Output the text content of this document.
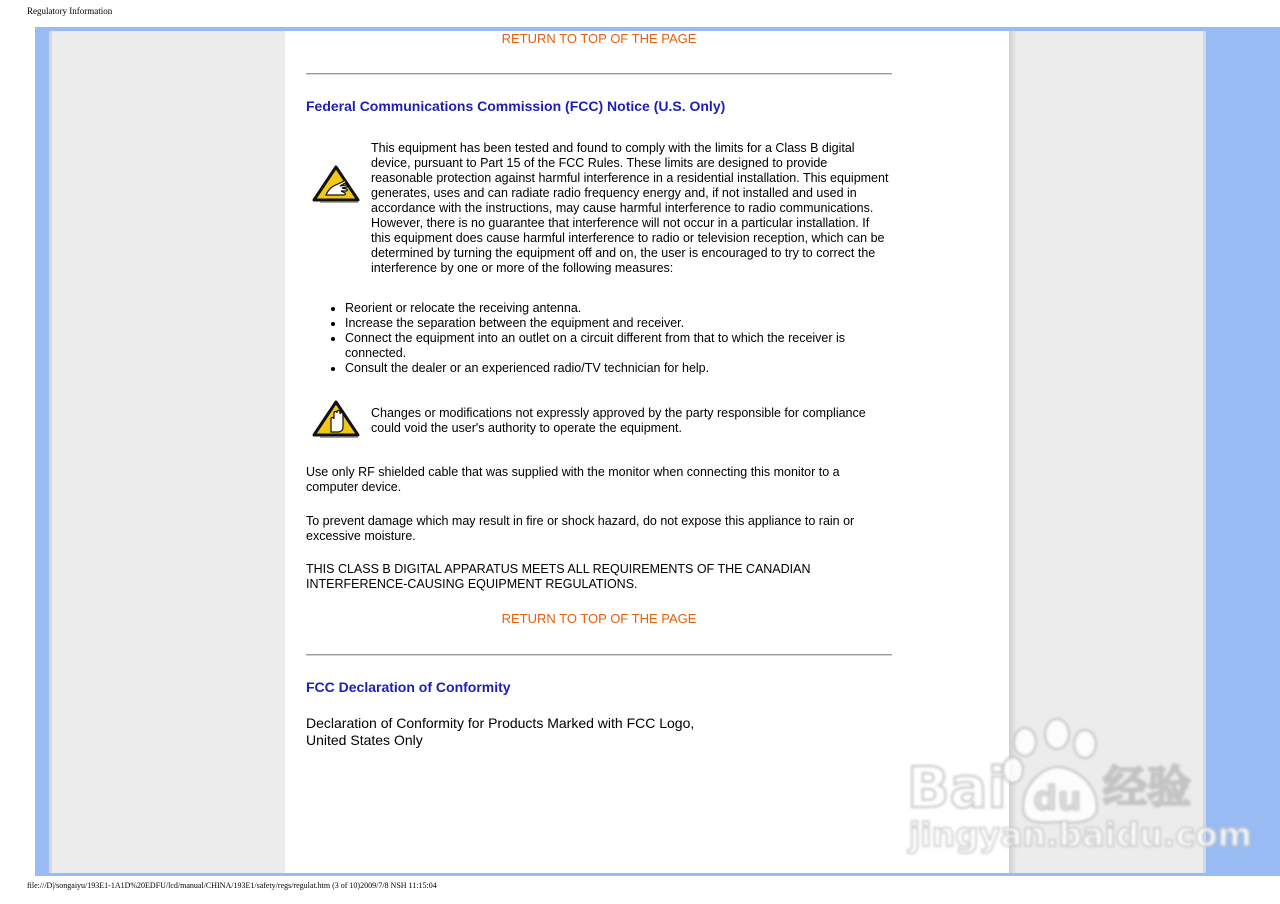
Regulatory Information
RETURN TO TOP OF THE PAGE
Federal Communications Commission (FCC) Notice (U.S. Only)

This equipment has been tested and found to comply with the limits for a Class B digital device, pursuant to Part 15 of the FCC Rules. These limits are designed to provide reasonable protection against harmful interference in a residential installation. This equipment generates, uses and can radiate radio frequency energy and, if not installed and used in accordance with the instructions, may cause harmful interference to radio communications. However, there is no guarantee that interference will not occur in a particular installation. If this equipment does cause harmful interference to radio or television reception, which can be determined by turning the equipment off and on, the user is encouraged to try to correct the interference by one or more of the following measures:

• Reorient or relocate the receiving antenna.
• Increase the separation between the equipment and receiver.
• Connect the equipment into an outlet on a circuit different from that to which the receiver is connected.
• Consult the dealer or an experienced radio/TV technician for help.

Changes or modifications not expressly approved by the party responsible for compliance could void the user's authority to operate the equipment.

Use only RF shielded cable that was supplied with the monitor when connecting this monitor to a computer device.

To prevent damage which may result in fire or shock hazard, do not expose this appliance to rain or excessive moisture.

THIS CLASS B DIGITAL APPARATUS MEETS ALL REQUIREMENTS OF THE CANADIAN INTERFERENCE-CAUSING EQUIPMENT REGULATIONS.

RETURN TO TOP OF THE PAGE
FCC Declaration of Conformity

Declaration of Conformity for Products Marked with FCC Logo,

United States Only

Bai du 经验
jingyan.baidu.com
file:///D|/songaiyu/193E1-1A1D%20EDFU/lcd/manual/CHINA/193E1/safety/regs/regulat.htm (3 of 10)2009/7/8 NSH 11:15:04
